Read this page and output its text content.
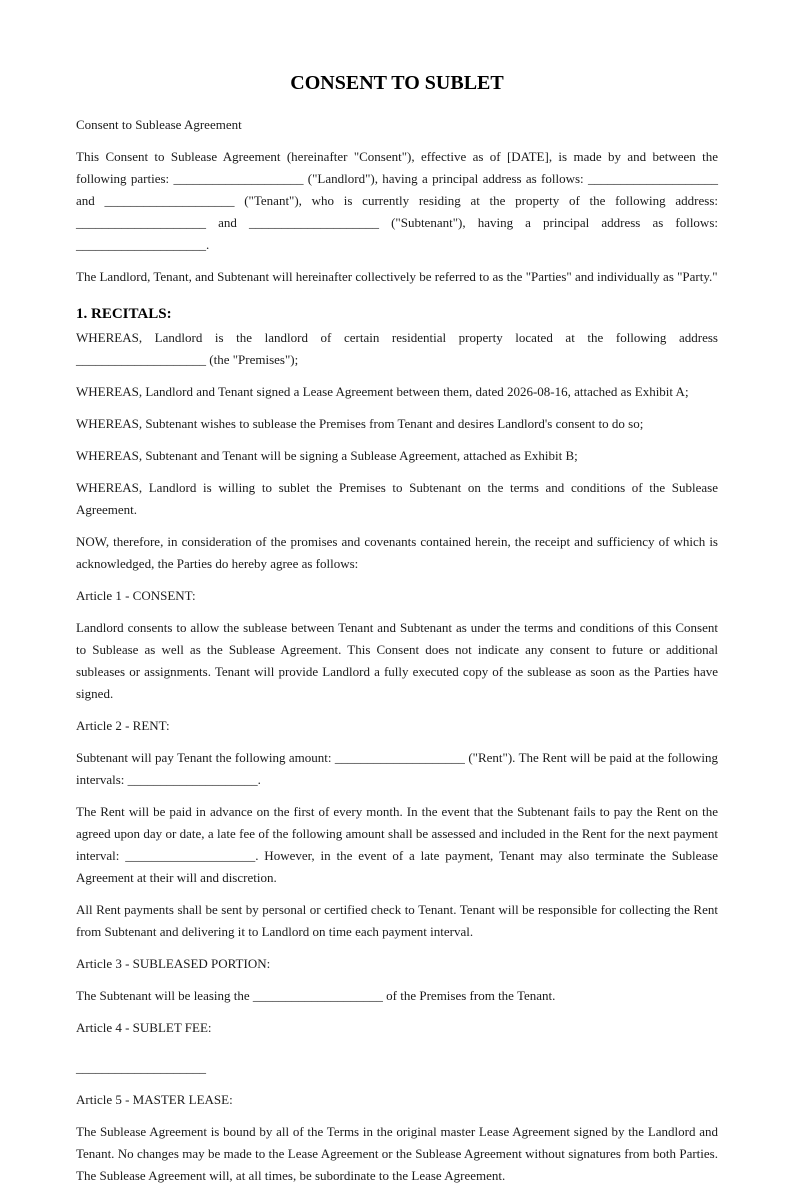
CONSENT TO SUBLET

Consent to Sublease Agreement

This Consent to Sublease Agreement (hereinafter "Consent"), effective as of [DATE], is made by and between the following parties: ____________________ ("Landlord"), having a principal address as follows: ____________________ and ____________________ ("Tenant"), who is currently residing at the property of the following address: ____________________ and ____________________ ("Subtenant"), having a principal address as follows: ____________________.

The Landlord, Tenant, and Subtenant will hereinafter collectively be referred to as the "Parties" and individually as "Party."

1. RECITALS:

WHEREAS, Landlord is the landlord of certain residential property located at the following address ____________________ (the "Premises");

WHEREAS, Landlord and Tenant signed a Lease Agreement between them, dated 2026-08-16, attached as Exhibit A;

WHEREAS, Subtenant wishes to sublease the Premises from Tenant and desires Landlord's consent to do so;

WHEREAS, Subtenant and Tenant will be signing a Sublease Agreement, attached as Exhibit B;

WHEREAS, Landlord is willing to sublet the Premises to Subtenant on the terms and conditions of the Sublease Agreement.

NOW, therefore, in consideration of the promises and covenants contained herein, the receipt and sufficiency of which is acknowledged, the Parties do hereby agree as follows:

Article 1 - CONSENT:

Landlord consents to allow the sublease between Tenant and Subtenant as under the terms and conditions of this Consent to Sublease as well as the Sublease Agreement. This Consent does not indicate any consent to future or additional subleases or assignments. Tenant will provide Landlord a fully executed copy of the sublease as soon as the Parties have signed.

Article 2 - RENT:

Subtenant will pay Tenant the following amount: ____________________ ("Rent"). The Rent will be paid at the following intervals: ____________________.

The Rent will be paid in advance on the first of every month. In the event that the Subtenant fails to pay the Rent on the agreed upon day or date, a late fee of the following amount shall be assessed and included in the Rent for the next payment interval: ____________________. However, in the event of a late payment, Tenant may also terminate the Sublease Agreement at their will and discretion.

All Rent payments shall be sent by personal or certified check to Tenant. Tenant will be responsible for collecting the Rent from Subtenant and delivering it to Landlord on time each payment interval.

Article 3 - SUBLEASED PORTION:

The Subtenant will be leasing the ____________________ of the Premises from the Tenant.

Article 4 - SUBLET FEE:

____________________

Article 5 - MASTER LEASE:

The Sublease Agreement is bound by all of the Terms in the original master Lease Agreement signed by the Landlord and Tenant. No changes may be made to the Lease Agreement or the Sublease Agreement without signatures from both Parties. The Sublease Agreement will, at all times, be subordinate to the Lease Agreement.
